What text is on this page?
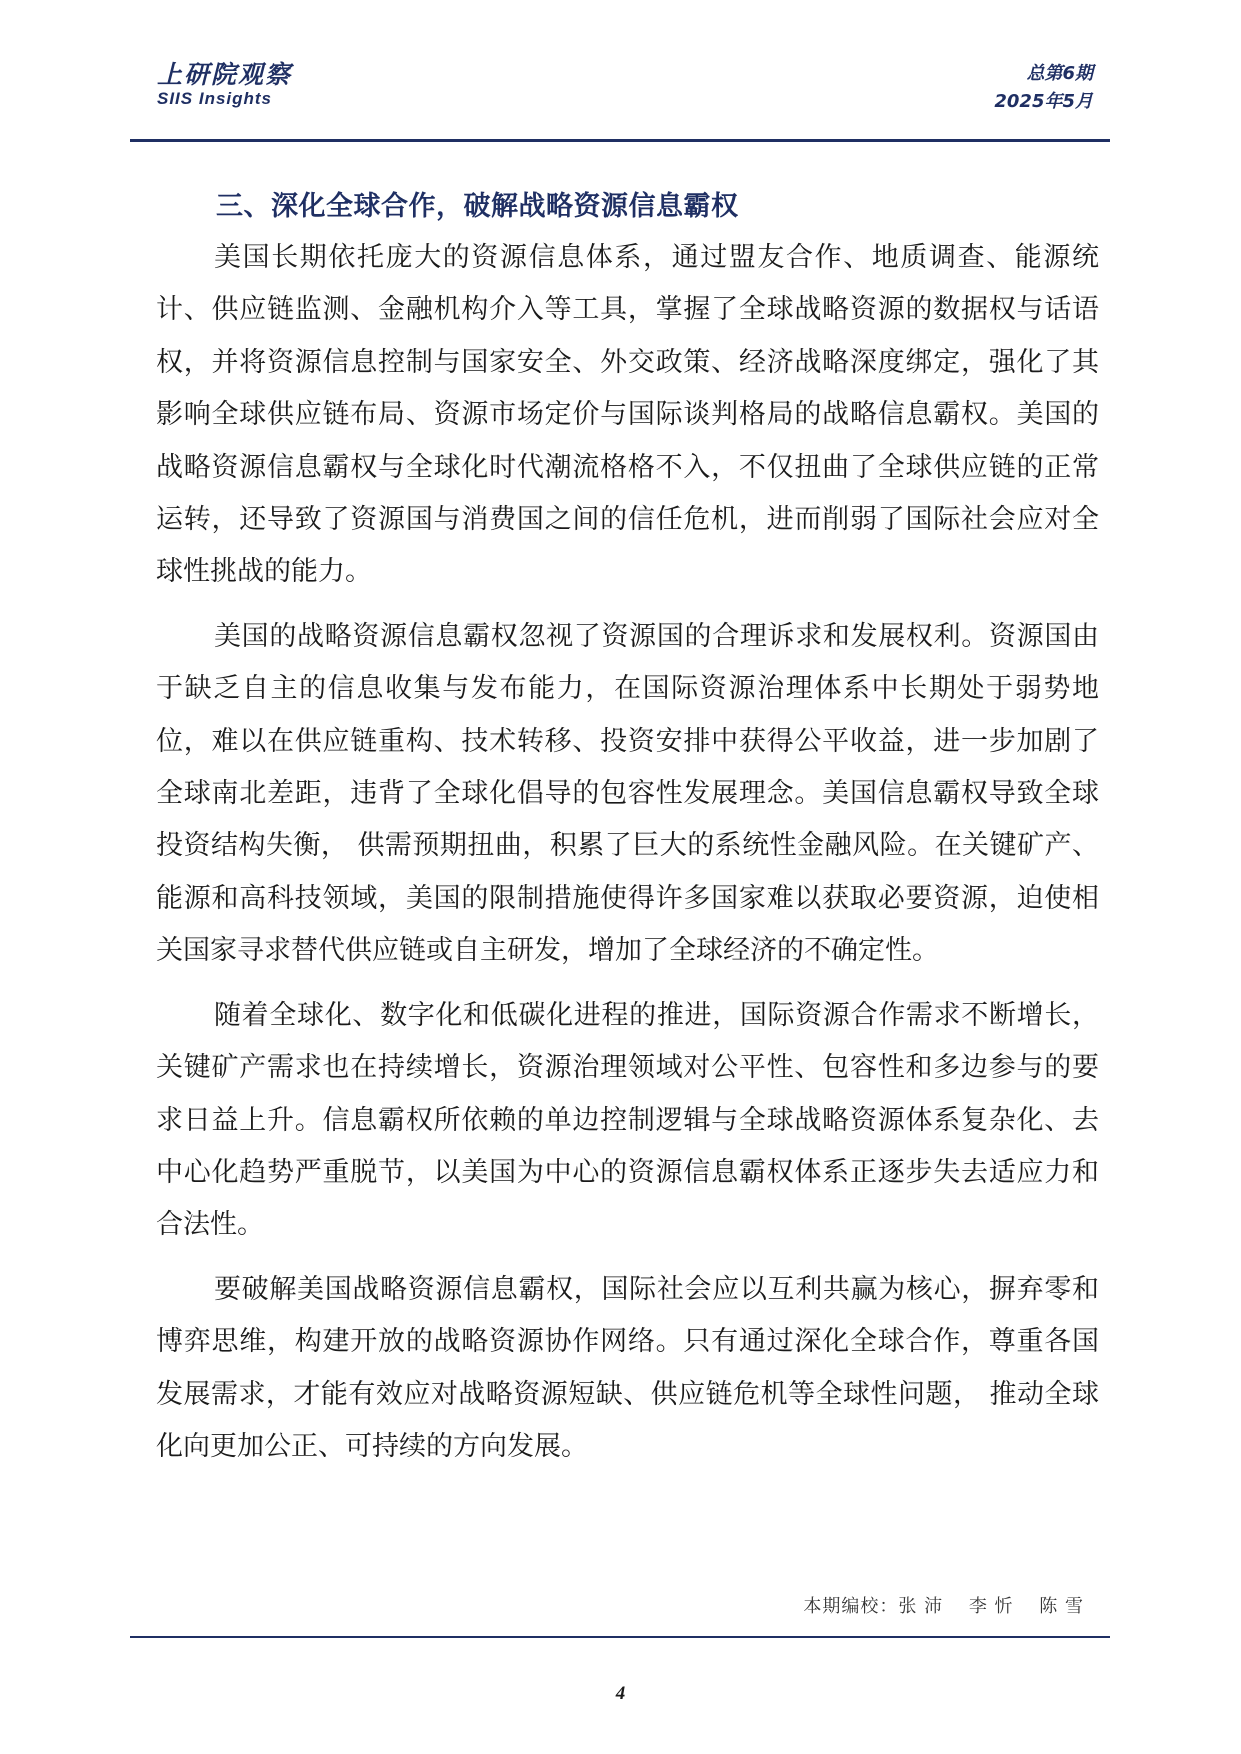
上研院观察
SIIS Insights
总第6期
2025年5月
三、深化全球合作，破解战略资源信息霸权

美国长期依托庞大的资源信息体系，通过盟友合作、地质调查、能源统计、供应链监测、金融机构介入等工具，掌握了全球战略资源的数据权与话语权，并将资源信息控制与国家安全、外交政策、经济战略深度绑定，强化了其影响全球供应链布局、资源市场定价与国际谈判格局的战略信息霸权。美国的战略资源信息霸权与全球化时代潮流格格不入，不仅扭曲了全球供应链的正常运转，还导致了资源国与消费国之间的信任危机，进而削弱了国际社会应对全球性挑战的能力。

美国的战略资源信息霸权忽视了资源国的合理诉求和发展权利。资源国由于缺乏自主的信息收集与发布能力，在国际资源治理体系中长期处于弱势地位，难以在供应链重构、技术转移、投资安排中获得公平收益，进一步加剧了全球南北差距，违背了全球化倡导的包容性发展理念。美国信息霸权导致全球投资结构失衡， 供需预期扭曲，积累了巨大的系统性金融风险。在关键矿产、能源和高科技领域，美国的限制措施使得许多国家难以获取必要资源，迫使相关国家寻求替代供应链或自主研发，增加了全球经济的不确定性。

随着全球化、数字化和低碳化进程的推进，国际资源合作需求不断增长，关键矿产需求也在持续增长，资源治理领域对公平性、包容性和多边参与的要求日益上升。信息霸权所依赖的单边控制逻辑与全球战略资源体系复杂化、去中心化趋势严重脱节，以美国为中心的资源信息霸权体系正逐步失去适应力和合法性。

要破解美国战略资源信息霸权，国际社会应以互利共赢为核心，摒弃零和博弈思维，构建开放的战略资源协作网络。只有通过深化全球合作，尊重各国发展需求，才能有效应对战略资源短缺、供应链危机等全球性问题， 推动全球化向更加公正、可持续的方向发展。

本期编校：张 沛　 李 忻　 陈 雪
4
